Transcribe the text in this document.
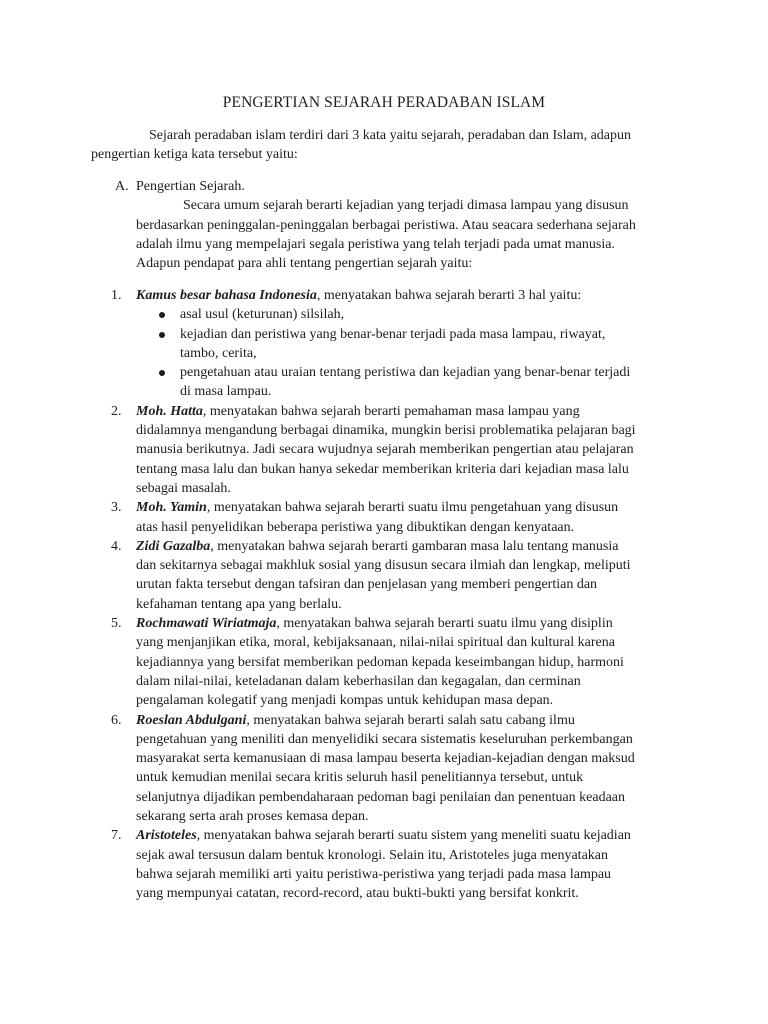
PENGERTIAN SEJARAH PERADABAN ISLAM
Sejarah peradaban islam terdiri dari 3 kata yaitu sejarah, peradaban dan Islam, adapun
pengertian ketiga kata tersebut yaitu:
A. Pengertian Sejarah.
Secara umum sejarah berarti kejadian yang terjadi dimasa lampau yang disusun
berdasarkan peninggalan-peninggalan berbagai peristiwa. Atau seacara sederhana sejarah
adalah ilmu yang mempelajari segala peristiwa yang telah terjadi pada umat manusia.
Adapun pendapat para ahli tentang pengertian sejarah yaitu:
1. Kamus besar bahasa Indonesia, menyatakan bahwa sejarah berarti 3 hal yaitu:
asal usul (keturunan) silsilah,
kejadian dan peristiwa yang benar-benar terjadi pada masa lampau, riwayat,
tambo, cerita,
pengetahuan atau uraian tentang peristiwa dan kejadian yang benar-benar terjadi
di masa lampau.
2. Moh. Hatta, menyatakan bahwa sejarah berarti pemahaman masa lampau yang
didalamnya mengandung berbagai dinamika, mungkin berisi problematika pelajaran bagi
manusia berikutnya. Jadi secara wujudnya sejarah memberikan pengertian atau pelajaran
tentang masa lalu dan bukan hanya sekedar memberikan kriteria dari kejadian masa lalu
sebagai masalah.
3. Moh. Yamin, menyatakan bahwa sejarah berarti suatu ilmu pengetahuan yang disusun
atas hasil penyelidikan beberapa peristiwa yang dibuktikan dengan kenyataan.
4. Zidi Gazalba, menyatakan bahwa sejarah berarti gambaran masa lalu tentang manusia
dan sekitarnya sebagai makhluk sosial yang disusun secara ilmiah dan lengkap, meliputi
urutan fakta tersebut dengan tafsiran dan penjelasan yang memberi pengertian dan
kefahaman tentang apa yang berlalu.
5. Rochmawati Wiriatmaja, menyatakan bahwa sejarah berarti suatu ilmu yang disiplin
yang menjanjikan etika, moral, kebijaksanaan, nilai-nilai spiritual dan kultural karena
kejadiannya yang bersifat memberikan pedoman kepada keseimbangan hidup, harmoni
dalam nilai-nilai, keteladanan dalam keberhasilan dan kegagalan, dan cerminan
pengalaman kolegatif yang menjadi kompas untuk kehidupan masa depan.
6. Roeslan Abdulgani, menyatakan bahwa sejarah berarti salah satu cabang ilmu
pengetahuan yang meniliti dan menyelidiki secara sistematis keseluruhan perkembangan
masyarakat serta kemanusiaan di masa lampau beserta kejadian-kejadian dengan maksud
untuk kemudian menilai secara kritis seluruh hasil penelitiannya tersebut, untuk
selanjutnya dijadikan pembendaharaan pedoman bagi penilaian dan penentuan keadaan
sekarang serta arah proses kemasa depan.
7. Aristoteles, menyatakan bahwa sejarah berarti suatu sistem yang meneliti suatu kejadian
sejak awal tersusun dalam bentuk kronologi. Selain itu, Aristoteles juga menyatakan
bahwa sejarah memiliki arti yaitu peristiwa-peristiwa yang terjadi pada masa lampau
yang mempunyai catatan, record-record, atau bukti-bukti yang bersifat konkrit.
